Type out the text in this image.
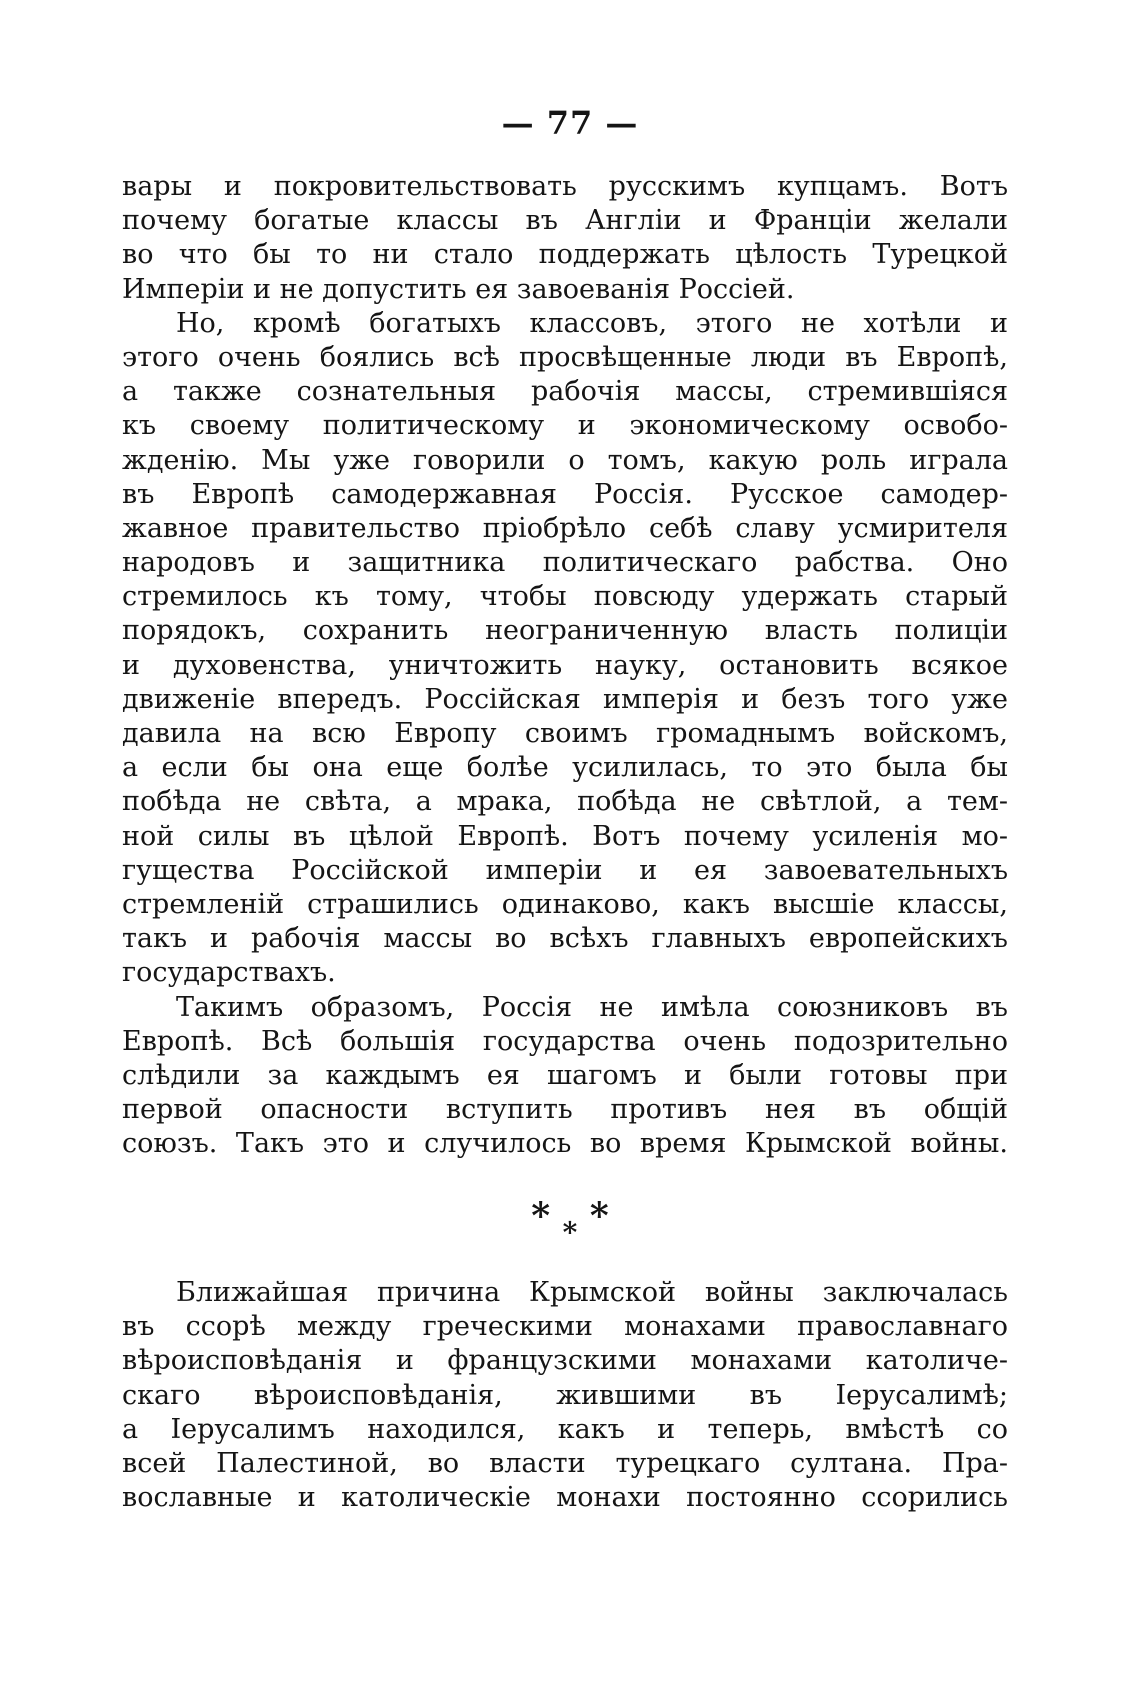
— 77 —
вары и покровительствовать русскимъ купцамъ. Вотъ
почему богатые классы въ Англіи и Франціи желали
во что бы то ни стало поддержать цѣлость Турецкой
Имперіи и не допустить ея завоеванія Россіей.
Но, кромѣ богатыхъ классовъ, этого не хотѣли и
этого очень боялись всѣ просвѣщенные люди въ Европѣ,
а также сознательныя рабочія массы, стремившіяся
къ своему политическому и экономическому освобо-
жденію. Мы уже говорили о томъ, какую роль играла
въ Европѣ самодержавная Россія. Русское самодер-
жавное правительство пріобрѣло себѣ славу усмирителя
народовъ и защитника политическаго рабства. Оно
стремилось къ тому, чтобы повсюду удержать старый
порядокъ, сохранить неограниченную власть полиціи
и духовенства, уничтожить науку, остановить всякое
движеніе впередъ. Россійская имперія и безъ того уже
давила на всю Европу своимъ громаднымъ войскомъ,
а если бы она еще болѣе усилилась, то это была бы
побѣда не свѣта, а мрака, побѣда не свѣтлой, а тем-
ной силы въ цѣлой Европѣ. Вотъ почему усиленія мо-
гущества Россійской имперіи и ея завоевательныхъ
стремленій страшились одинаково, какъ высшіе классы,
такъ и рабочія массы во всѣхъ главныхъ европейскихъ
государствахъ.
Такимъ образомъ, Россія не имѣла союзниковъ въ
Европѣ. Всѣ большія государства очень подозрительно
слѣдили за каждымъ ея шагомъ и были готовы при
первой опасности вступить противъ нея въ общій
союзъ. Такъ это и случилось во время Крымской войны.
* $_*$ *
Ближайшая причина Крымской войны заключалась
въ ссорѣ между греческими монахами православнаго
вѣроисповѣданія и французскими монахами католиче-
скаго вѣроисповѣданія, жившими въ Іерусалимѣ;
а Іерусалимъ находился, какъ и теперь, вмѣстѣ со
всей Палестиной, во власти турецкаго султана. Пра-
вославные и католическіе монахи постоянно ссорились
